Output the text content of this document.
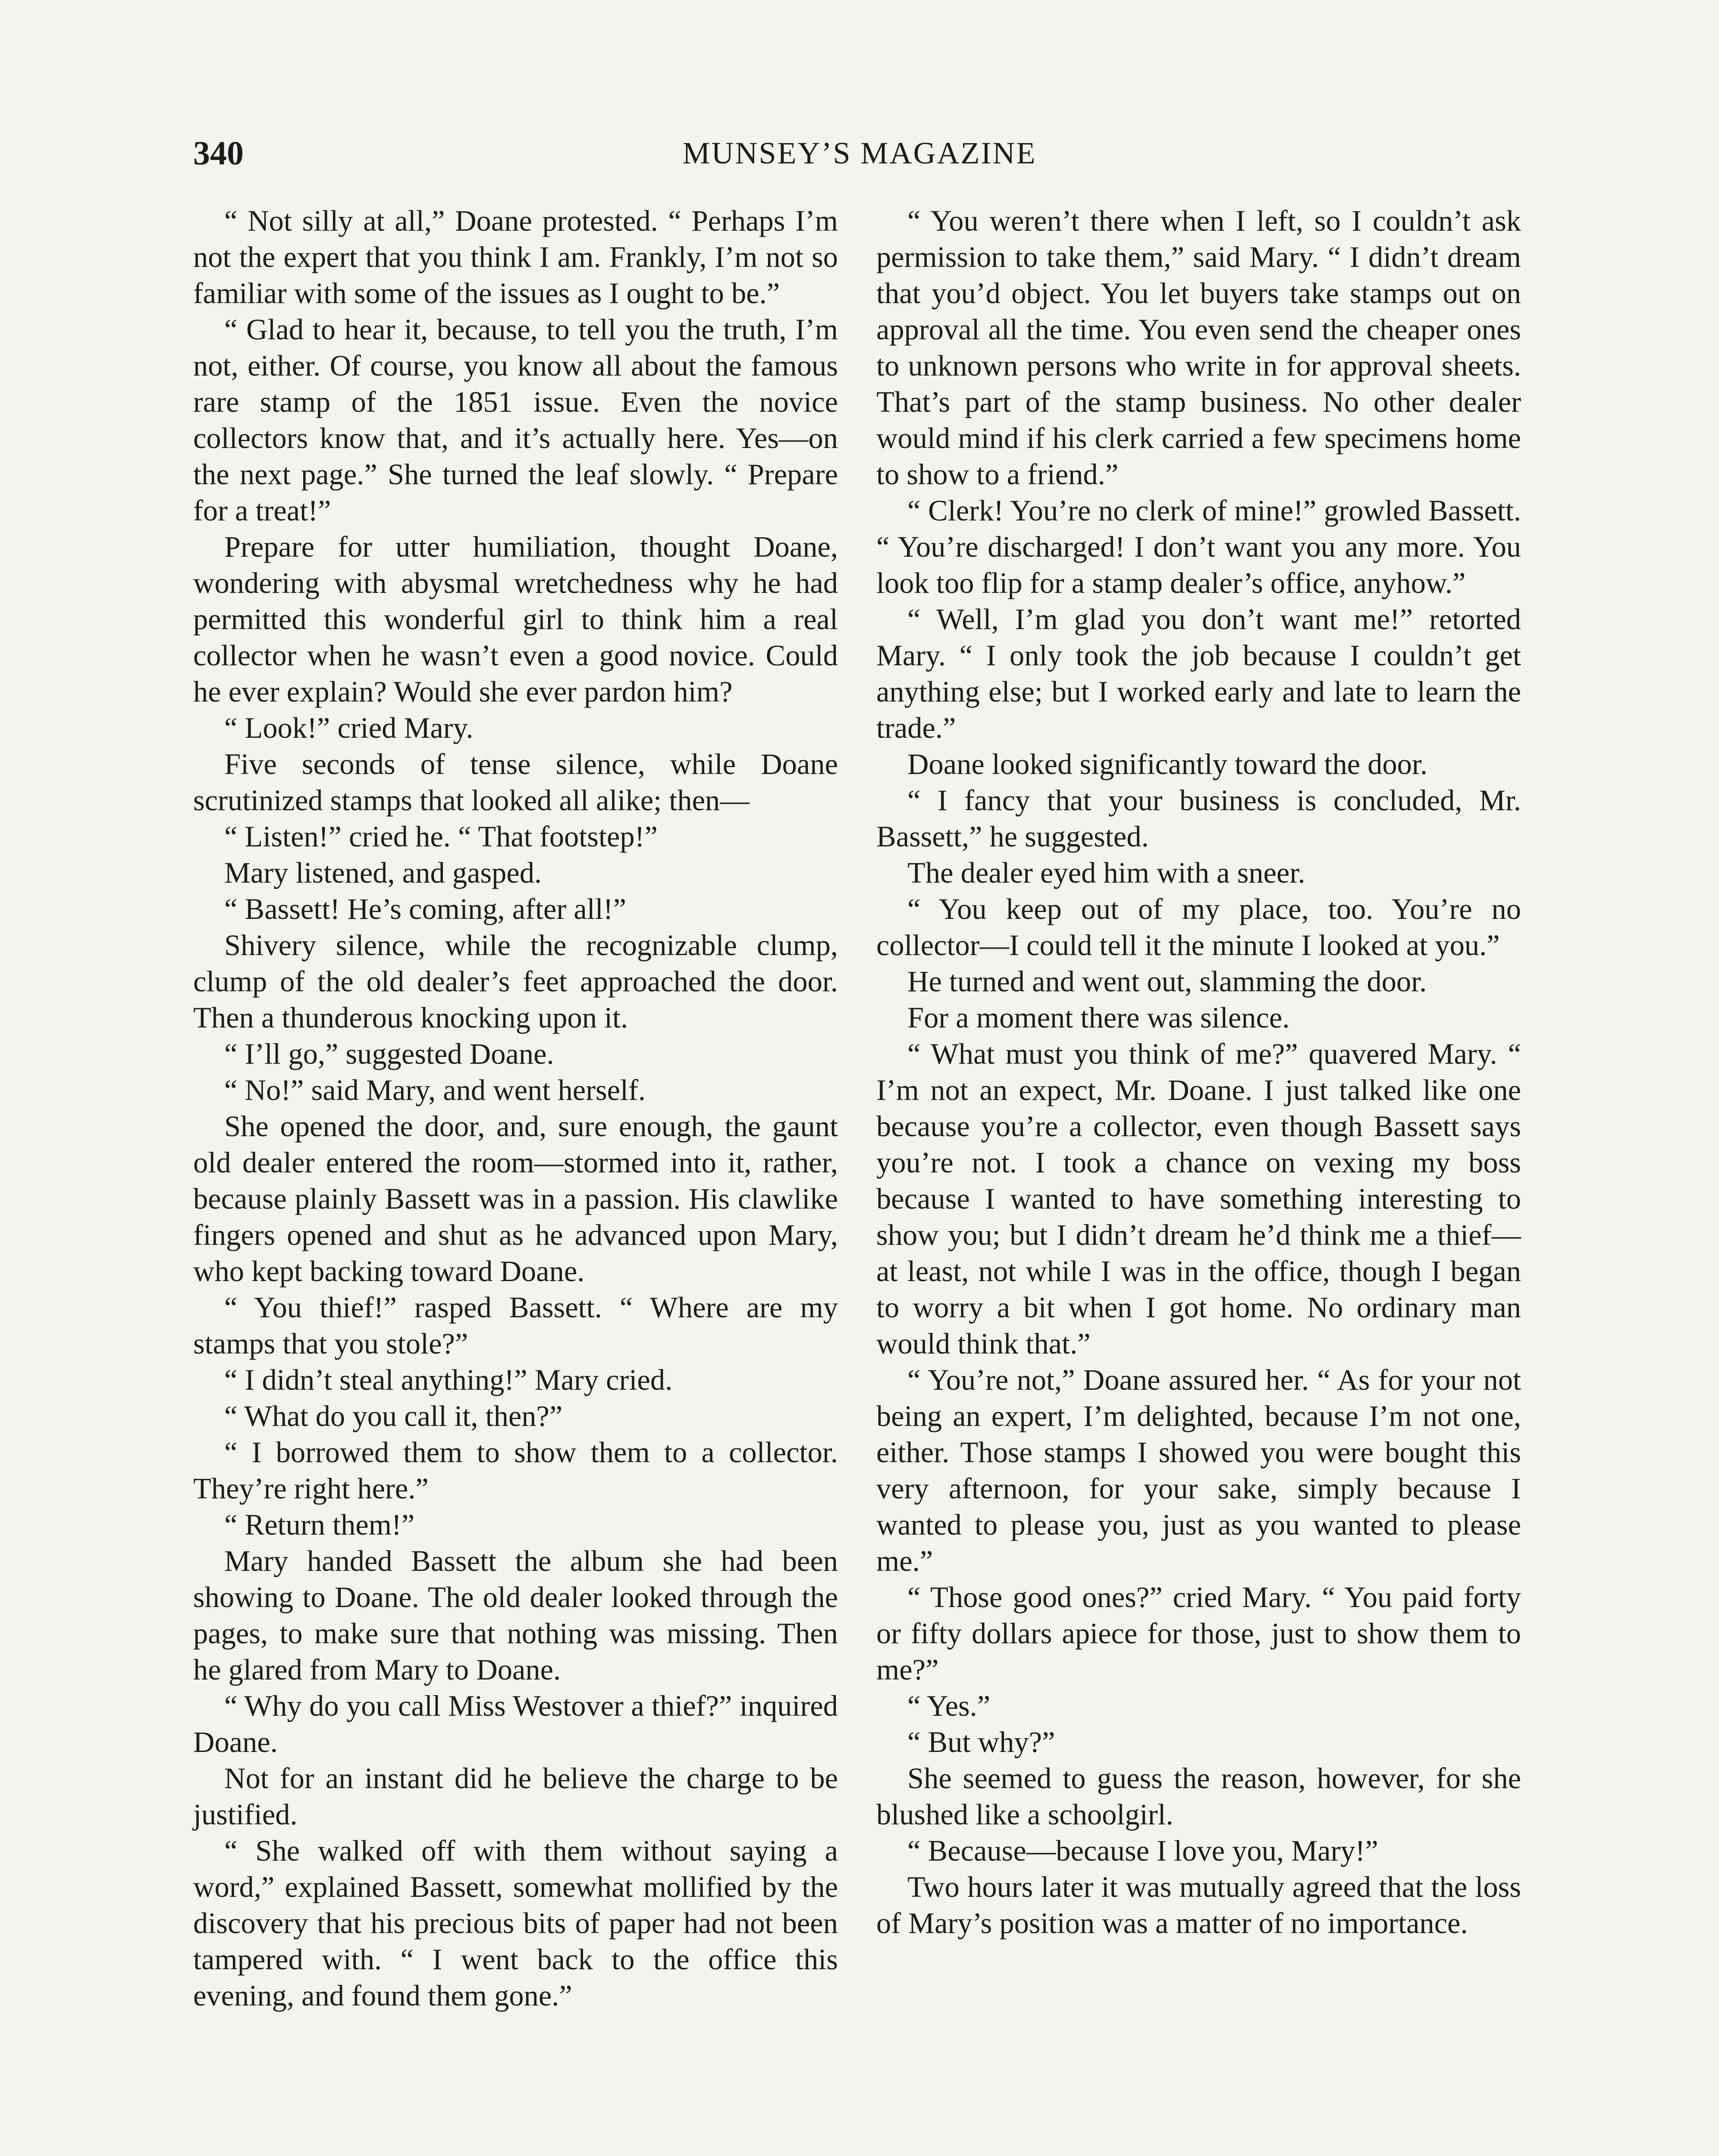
340	MUNSEY’S MAGAZINE

“ Not silly at all,” Doane protested. “ Perhaps I’m not the expert that you think I am. Frankly, I’m not so familiar with some of the issues as I ought to be.”

“ Glad to hear it, because, to tell you the truth, I’m not, either. Of course, you know all about the famous rare stamp of the 1851 issue. Even the novice collectors know that, and it’s actually here. Yes—on the next page.” She turned the leaf slowly. “ Prepare for a treat!”

Prepare for utter humiliation, thought Doane, wondering with abysmal wretchedness why he had permitted this wonderful girl to think him a real collector when he wasn’t even a good novice. Could he ever explain? Would she ever pardon him?

“ Look!” cried Mary.

Five seconds of tense silence, while Doane scrutinized stamps that looked all alike; then—

“ Listen!” cried he. “ That footstep!”

Mary listened, and gasped.

“ Bassett! He’s coming, after all!”

Shivery silence, while the recognizable clump, clump of the old dealer’s feet approached the door. Then a thunderous knocking upon it.

“ I’ll go,” suggested Doane.

“ No!” said Mary, and went herself.

She opened the door, and, sure enough, the gaunt old dealer entered the room—stormed into it, rather, because plainly Bassett was in a passion. His clawlike fingers opened and shut as he advanced upon Mary, who kept backing toward Doane.

“ You thief!” rasped Bassett. “ Where are my stamps that you stole?”

“ I didn’t steal anything!” Mary cried.

“ What do you call it, then?”

“ I borrowed them to show them to a collector. They’re right here.”

“ Return them!”

Mary handed Bassett the album she had been showing to Doane. The old dealer looked through the pages, to make sure that nothing was missing. Then he glared from Mary to Doane.

“ Why do you call Miss Westover a thief?” inquired Doane.

Not for an instant did he believe the charge to be justified.

“ She walked off with them without saying a word,” explained Bassett, somewhat mollified by the discovery that his precious bits of paper had not been tampered with. “ I went back to the office this evening, and found them gone.”

“ You weren’t there when I left, so I couldn’t ask permission to take them,” said Mary. “ I didn’t dream that you’d object. You let buyers take stamps out on approval all the time. You even send the cheaper ones to unknown persons who write in for approval sheets. That’s part of the stamp business. No other dealer would mind if his clerk carried a few specimens home to show to a friend.”

“ Clerk! You’re no clerk of mine!” growled Bassett. “ You’re discharged! I don’t want you any more. You look too flip for a stamp dealer’s office, anyhow.”

“ Well, I’m glad you don’t want me!” retorted Mary. “ I only took the job because I couldn’t get anything else; but I worked early and late to learn the trade.”

Doane looked significantly toward the door.

“ I fancy that your business is concluded, Mr. Bassett,” he suggested.

The dealer eyed him with a sneer.

“ You keep out of my place, too. You’re no collector—I could tell it the minute I looked at you.”

He turned and went out, slamming the door.

For a moment there was silence.

“ What must you think of me?” quavered Mary. “ I’m not an expect, Mr. Doane. I just talked like one because you’re a collector, even though Bassett says you’re not. I took a chance on vexing my boss because I wanted to have something interesting to show you; but I didn’t dream he’d think me a thief—at least, not while I was in the office, though I began to worry a bit when I got home. No ordinary man would think that.”

“ You’re not,” Doane assured her. “ As for your not being an expert, I’m delighted, because I’m not one, either. Those stamps I showed you were bought this very afternoon, for your sake, simply because I wanted to please you, just as you wanted to please me.”

“ Those good ones?” cried Mary. “ You paid forty or fifty dollars apiece for those, just to show them to me?”

“ Yes.”

“ But why?”

She seemed to guess the reason, however, for she blushed like a schoolgirl.

“ Because—because I love you, Mary!”

Two hours later it was mutually agreed that the loss of Mary’s position was a matter of no importance.
